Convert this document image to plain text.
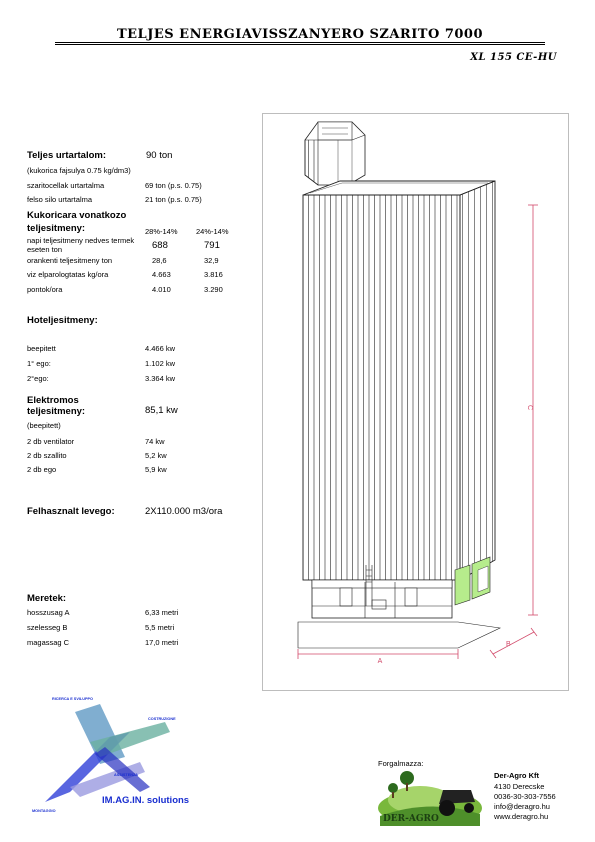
TELJES ENERGIAVISSZANYERO SZARITO 7000
XL 155 CE-HU
Teljes urtartalom:	90 ton
(kukorica fajsulya 0.75 kg/dm3)
szaritocellak urtartalma	69 ton (p.s. 0.75)
felso silo urtartalma	21 ton (p.s. 0.75)
Kukoricara vonatkozo
teljesitmeny:	28%-14% 24%-14%
napi teljesitmeny nedves termek eseten ton	688	791
orankenti teljesitmeny ton	28,6	32,9
viz elparologtatas kg/ora	4.663	3.816
pontok/ora	4.010	3.290
Hoteljesitmeny:
beepitett	4.466 kw
1° ego:	1.102 kw
2°ego:	3.364 kw
Elektromos
teljesitmeny:	85,1 kw
(beepitett)
2 db ventilator	74 kw
2 db szallito	5,2 kw
2 db ego	5,9 kw
Felhasznalt levego:	2X110.000 m3/ora
Meretek:
hosszusag A	6,33 metri
szelesseg B	5,5 metri
magassag C	17,0 metri
A
B
C
RICERCA E SVILUPPO
COSTRUZIONE
ASSISTENZA
MONTAGGIO
IM.AG.IN. solutions
Forgalmazza:
DER-AGRO
Der-Agro Kft
4130 Derecske
0036-30-303-7556
info@deragro.hu
www.deragro.hu
